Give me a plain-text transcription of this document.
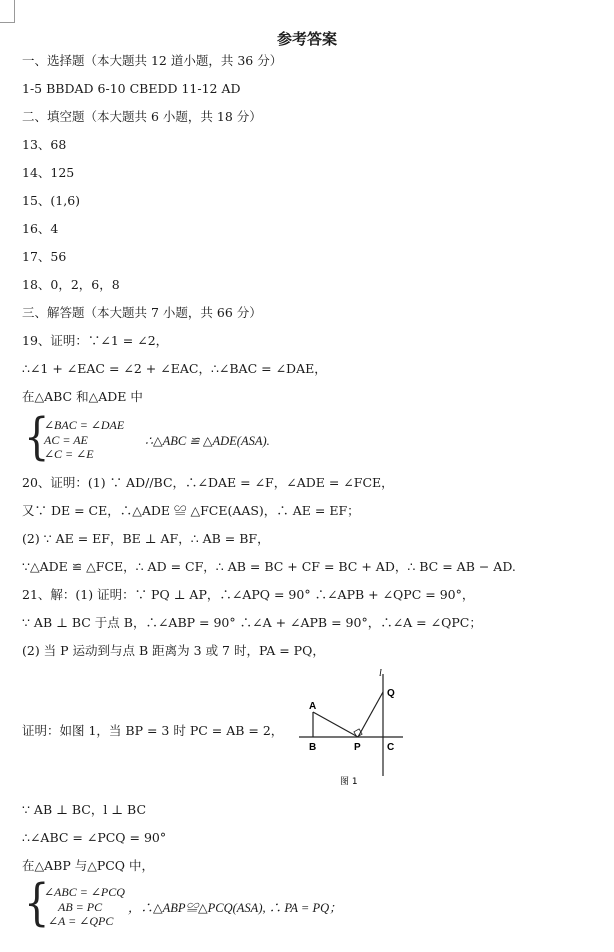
参考答案
一、选择题（本大题共 12 道小题，共 36 分）
1-5 BBDAD 6-10 CBEDD 11-12 AD
二、填空题（本大题共 6 小题，共 18 分）
13、68
14、125
15、(1,6)
16、4
17、56
18、0，2，6，8
三、解答题（本大题共 7 小题，共 66 分）
19、证明：∵∠1 = ∠2，
∴∠1 + ∠EAC = ∠2 + ∠EAC，∴∠BAC = ∠DAE，
在△ABC 和△ADE 中
{
∠BAC = ∠DAE
AC = AE
∠C = ∠E
∴△ABC ≌ △ADE(ASA).
20、证明：(1) ∵ AD//BC，∴∠DAE = ∠F，∠ADE = ∠FCE，
又∵ DE = CE，∴△ADE ≌ △FCE(AAS)，∴ AE = EF；
(2) ∵ AE = EF，BE ⊥ AF，∴ AB = BF，
∵△ADE ≌ △FCE，∴ AD = CF，∴ AB = BC + CF = BC + AD，∴ BC = AB − AD.
21、解：(1) 证明：∵ PQ ⊥ AP，∴∠APQ = 90° ∴∠APB + ∠QPC = 90°，
∵ AB ⊥ BC 于点 B，∴∠ABP = 90° ∴∠A + ∠APB = 90°，∴∠A = ∠QPC；
(2) 当 P 运动到与点 B 距离为 3 或 7 时，PA = PQ，
证明：如图 1，当 BP = 3 时 PC = AB = 2，
l
Q
A
B	P	C
图 1
∵ AB ⊥ BC，l ⊥ BC
∴∠ABC = ∠PCQ = 90°
在△ABP 与△PCQ 中，
{
∠ABC = ∠PCQ
AB = PC
∠A = ∠QPC
，∴△ABP≌△PCQ(ASA), ∴ PA = PQ；
